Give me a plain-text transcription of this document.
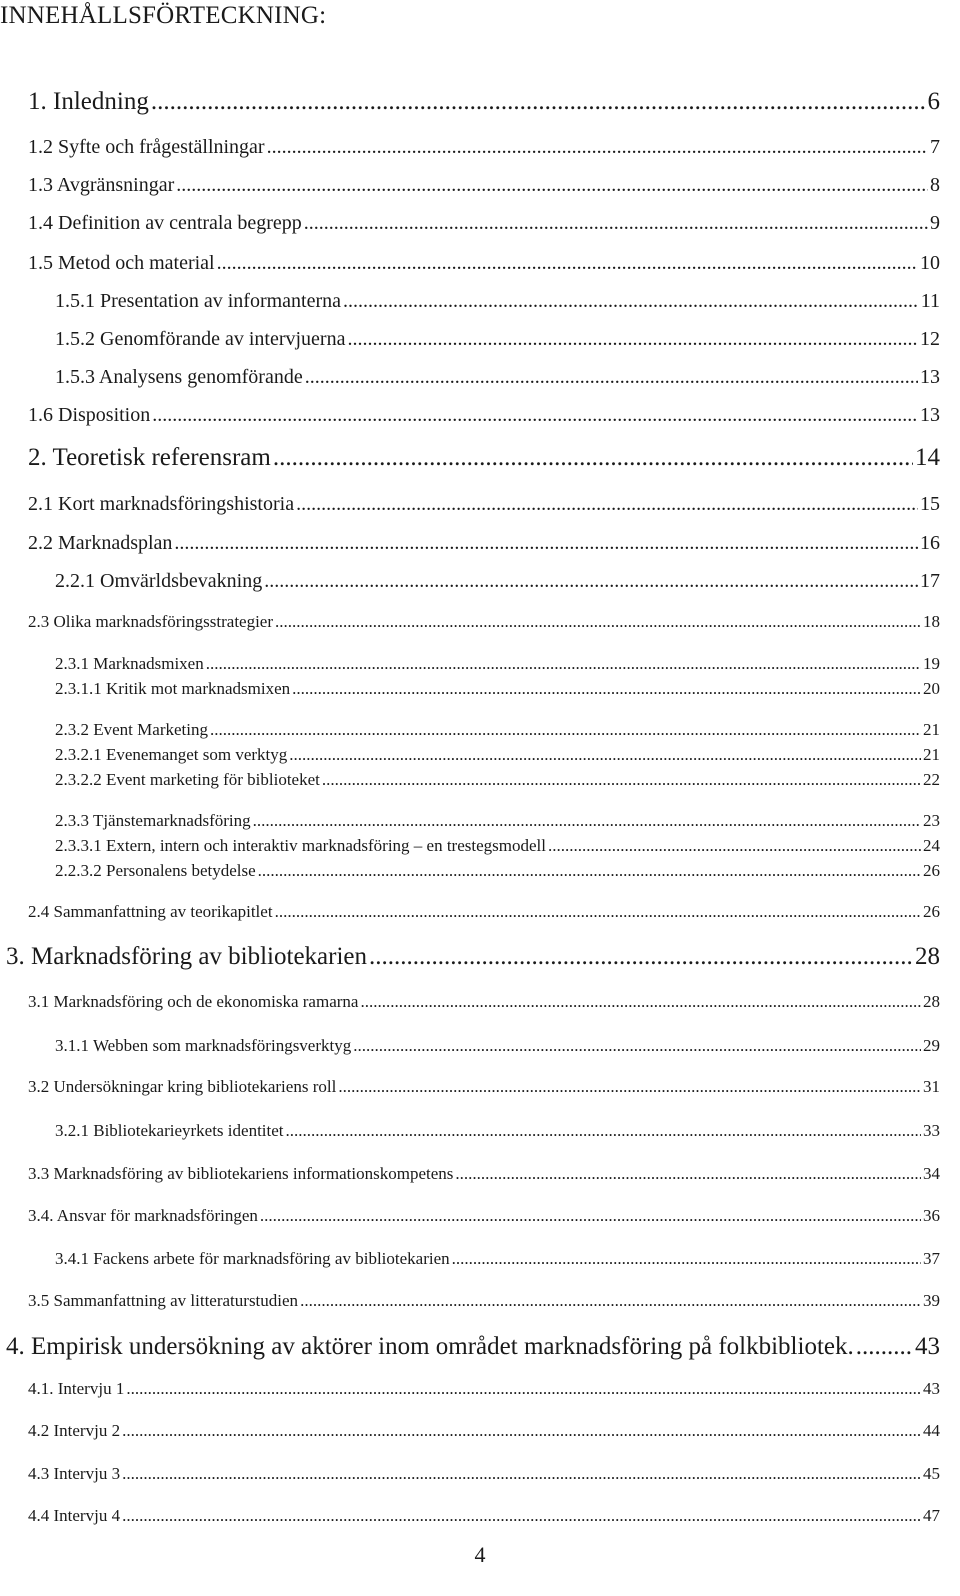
INNEHÅLLSFÖRTECKNING:
1. Inledning .....	6
1.2 Syfte och frågeställningar .....	7
1.3 Avgränsningar .....	8
1.4 Definition av centrala begrepp .....	9
1.5 Metod och material .....	10
1.5.1 Presentation av informanterna .....	11
1.5.2 Genomförande av intervjuerna .....	12
1.5.3 Analysens genomförande .....	13
1.6 Disposition .....	13
2. Teoretisk referensram .....	14
2.1 Kort marknadsföringshistoria .....	15
2.2 Marknadsplan .....	16
2.2.1 Omvärldsbevakning .....	17
2.3 Olika marknadsföringsstrategier .....	18
2.3.1 Marknadsmixen .....	19
2.3.1.1 Kritik mot marknadsmixen .....	20
2.3.2 Event Marketing .....	21
2.3.2.1 Evenemanget som verktyg .....	21
2.3.2.2 Event marketing för biblioteket .....	22
2.3.3 Tjänstemarknadsföring .....	23
2.3.3.1 Extern, intern och interaktiv marknadsföring – en trestegsmodell .....	24
2.2.3.2 Personalens betydelse .....	26
2.4 Sammanfattning av teorikapitlet .....	26
3. Marknadsföring av bibliotekarien .....	28
3.1 Marknadsföring och de ekonomiska ramarna .....	28
3.1.1 Webben som marknadsföringsverktyg .....	29
3.2 Undersökningar kring bibliotekariens roll .....	31
3.2.1 Bibliotekarieyrkets identitet .....	33
3.3 Marknadsföring av bibliotekariens informationskompetens .....	34
3.4. Ansvar för marknadsföringen .....	36
3.4.1 Fackens arbete för marknadsföring av bibliotekarien .....	37
3.5 Sammanfattning av litteraturstudien .....	39
4. Empirisk undersökning av aktörer inom området marknadsföring på folkbibliotek. ..... 43
4.1. Intervju 1 .....	43
4.2 Intervju 2 .....	44
4.3 Intervju 3 .....	45
4.4 Intervju 4 .....	47
4
